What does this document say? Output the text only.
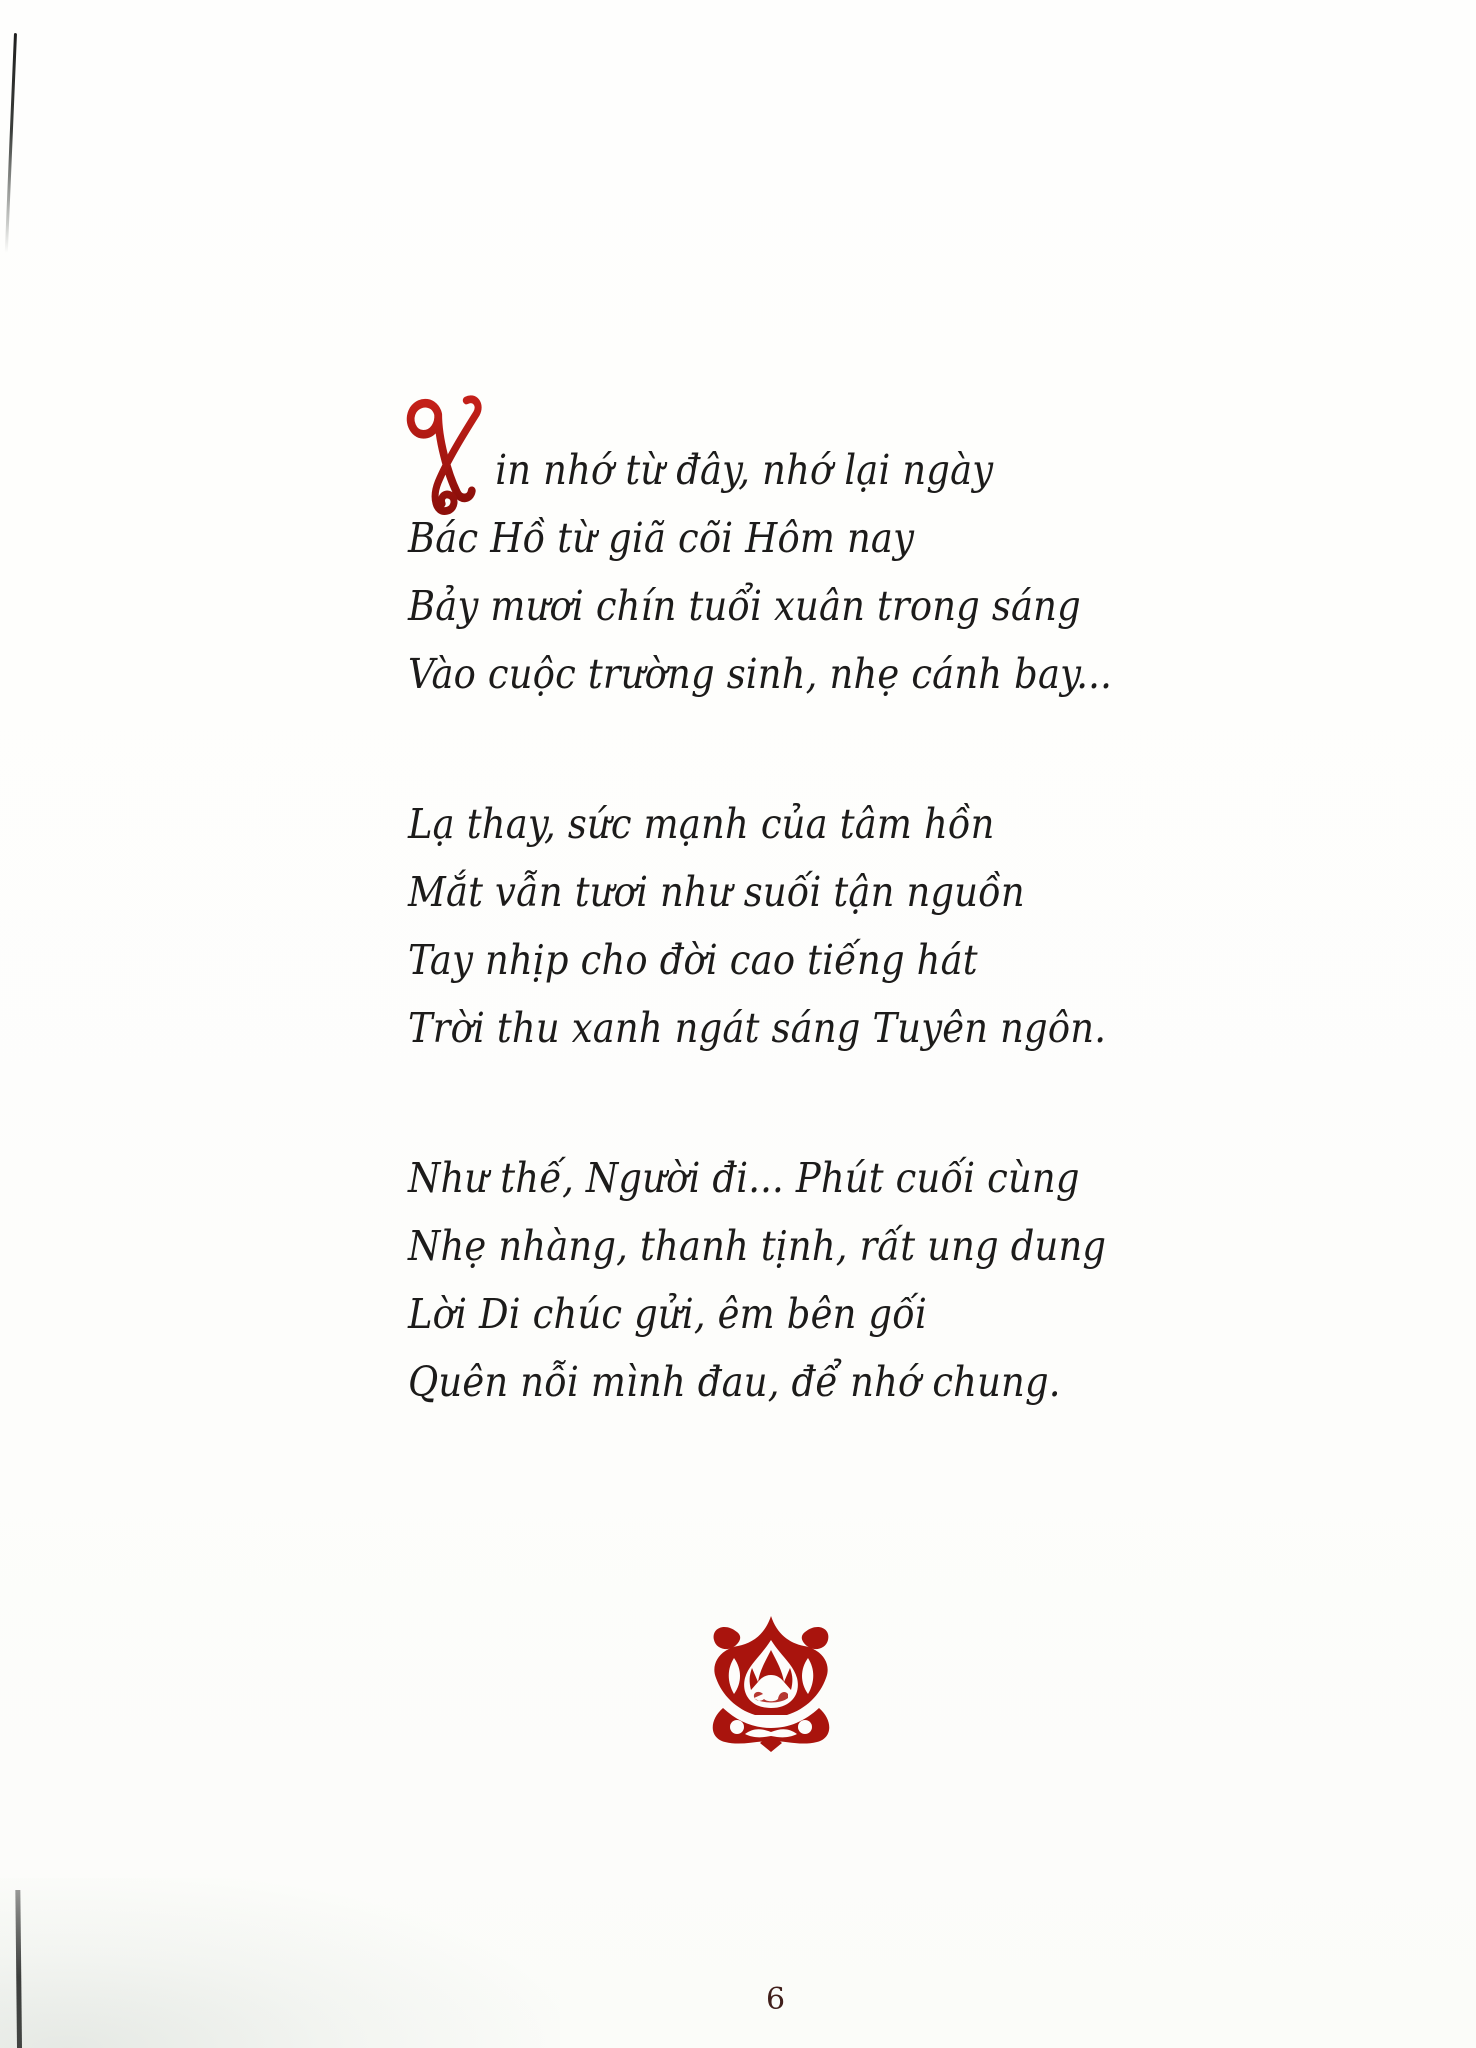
in nhớ từ đây, nhớ lại ngày
Bác Hồ từ giã cõi Hôm nay
Bảy mươi chín tuổi xuân trong sáng
Vào cuộc trường sinh, nhẹ cánh bay...
Lạ thay, sức mạnh của tâm hồn
Mắt vẫn tươi như suối tận nguồn
Tay nhịp cho đời cao tiếng hát
Trời thu xanh ngát sáng Tuyên ngôn.
Như thế, Người đi... Phút cuối cùng
Nhẹ nhàng, thanh tịnh, rất ung dung
Lời Di chúc gửi, êm bên gối
Quên nỗi mình đau, để nhớ chung.
6
